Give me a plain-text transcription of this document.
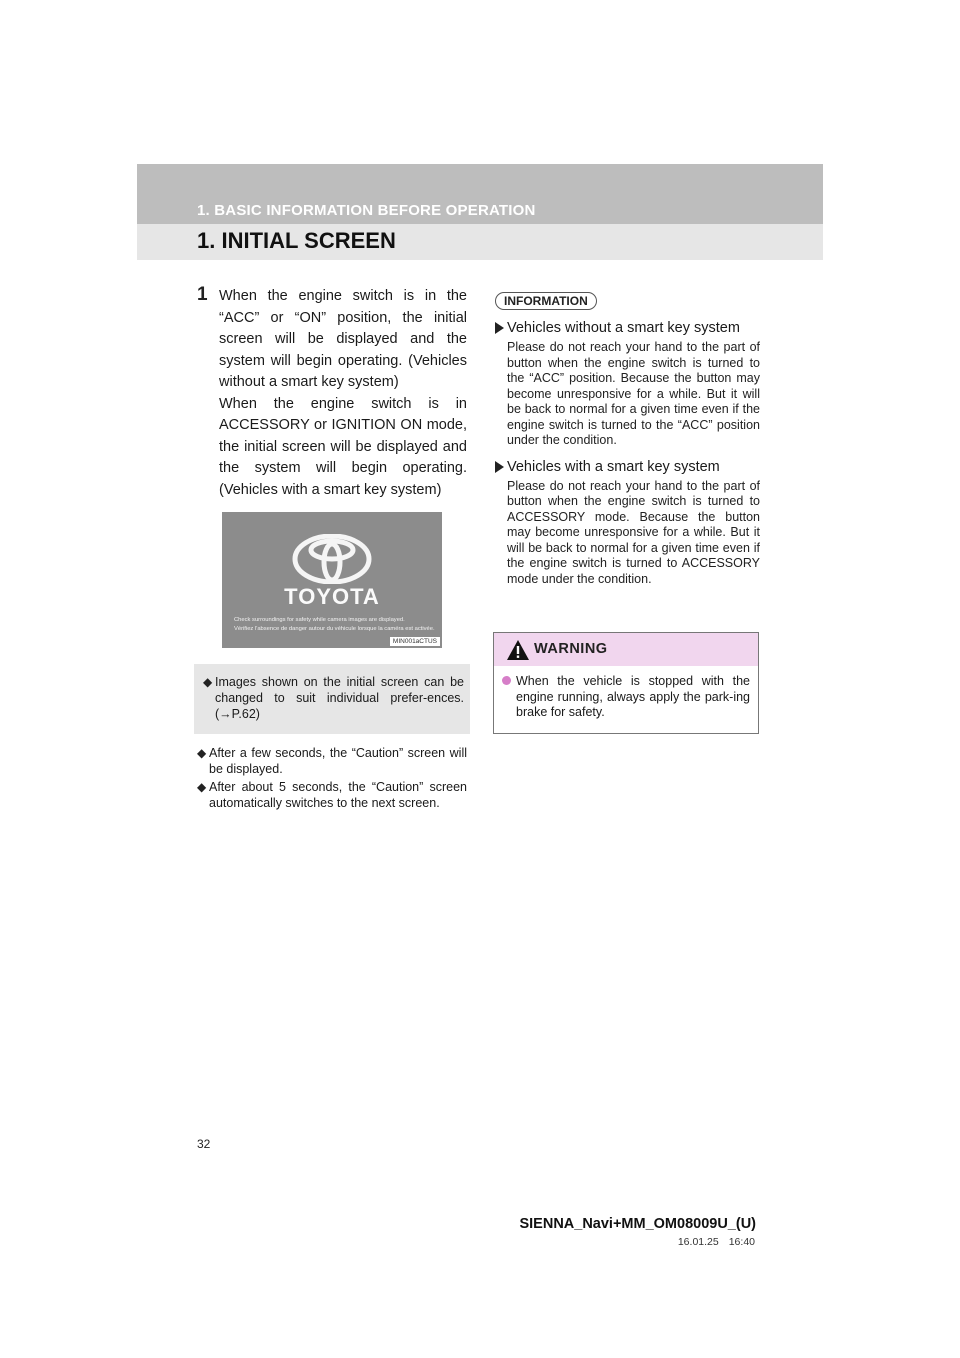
1. BASIC INFORMATION BEFORE OPERATION
1. INITIAL SCREEN
1 When the engine switch is in the “ACC” or “ON” position, the initial screen will be displayed and the system will begin operating. (Vehicles without a smart key system)

When the engine switch is in ACCESSORY or IGNITION ON mode, the initial screen will be displayed and the system will begin operating. (Vehicles with a smart key system)

TOYOTA
Check surroundings for safety while camera images are displayed.
Vérifiez l'absence de danger autour du véhicule lorsque la caméra est activée.
MIN001aCTUS
◆ Images shown on the initial screen can be changed to suit individual prefer-ences. (→P.62)
◆ After a few seconds, the “Caution” screen will be displayed.
◆ After about 5 seconds, the “Caution” screen automatically switches to the next screen.
INFORMATION
Vehicles without a smart key system
Please do not reach your hand to the part of button when the engine switch is turned to the “ACC” position. Because the button may become unresponsive for a while. But it will be back to normal for a given time even if the engine switch is turned to the “ACC” position under the condition.
Vehicles with a smart key system
Please do not reach your hand to the part of button when the engine switch is turned to ACCESSORY mode. Because the button may become unresponsive for a while. But it will be back to normal for a given time even if the engine switch is turned to ACCESSORY mode under the condition.
WARNING
When the vehicle is stopped with the engine running, always apply the park-ing brake for safety.
32
SIENNA_Navi+MM_OM08009U_(U)
16.01.25 16:40
